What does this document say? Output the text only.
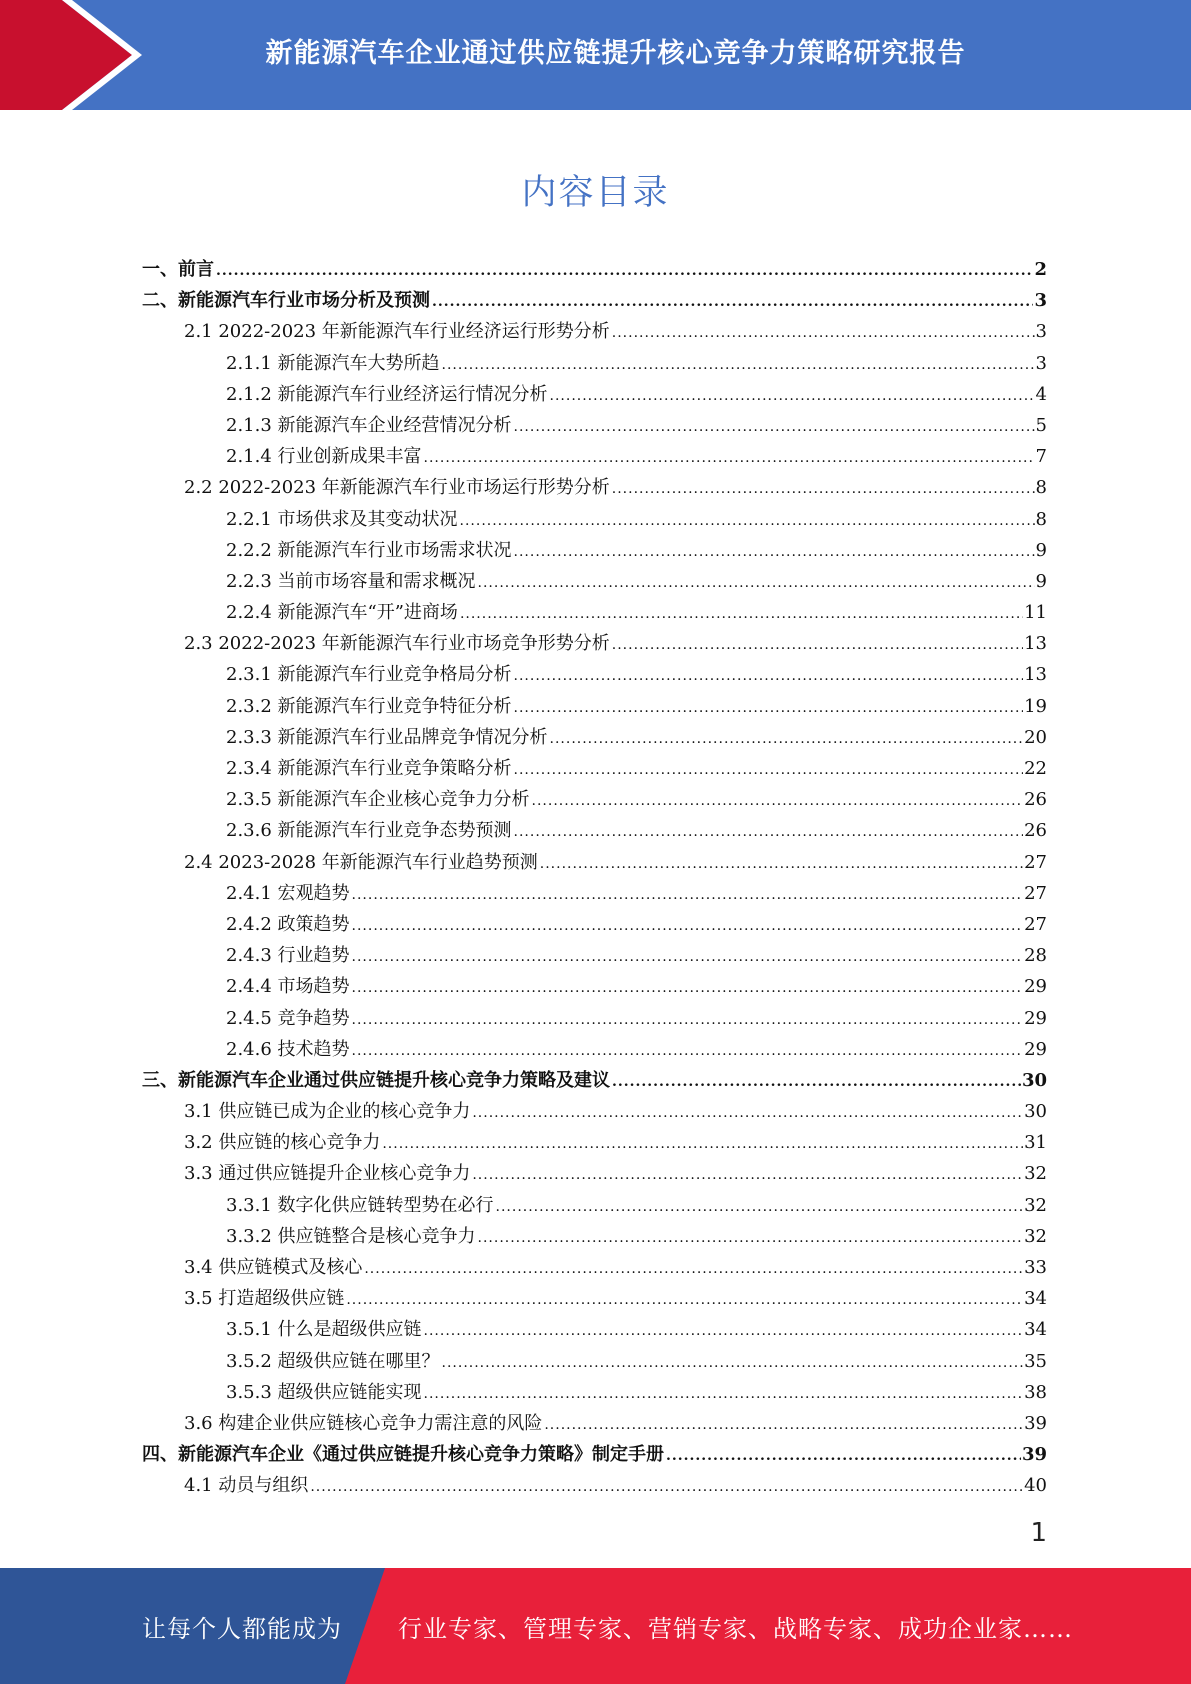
新能源汽车企业通过供应链提升核心竞争力策略研究报告
内容目录
一、前言 .....	2
二、新能源汽车行业市场分析及预测 .....	3
2.1 2022-2023 年新能源汽车行业经济运行形势分析 .....	3
2.1.1 新能源汽车大势所趋 .....	3
2.1.2 新能源汽车行业经济运行情况分析 .....	4
2.1.3 新能源汽车企业经营情况分析 .....	5
2.1.4 行业创新成果丰富 .....	7
2.2 2022-2023 年新能源汽车行业市场运行形势分析 .....	8
2.2.1 市场供求及其变动状况 .....	8
2.2.2 新能源汽车行业市场需求状况 .....	9
2.2.3 当前市场容量和需求概况 .....	9
2.2.4 新能源汽车“开”进商场 .....	11
2.3 2022-2023 年新能源汽车行业市场竞争形势分析 .....	13
2.3.1 新能源汽车行业竞争格局分析 .....	13
2.3.2 新能源汽车行业竞争特征分析 .....	19
2.3.3 新能源汽车行业品牌竞争情况分析 .....	20
2.3.4 新能源汽车行业竞争策略分析 .....	22
2.3.5 新能源汽车企业核心竞争力分析 .....	26
2.3.6 新能源汽车行业竞争态势预测 .....	26
2.4 2023-2028 年新能源汽车行业趋势预测 .....	27
2.4.1 宏观趋势 .....	27
2.4.2 政策趋势 .....	27
2.4.3 行业趋势 .....	28
2.4.4 市场趋势 .....	29
2.4.5 竞争趋势 .....	29
2.4.6 技术趋势 .....	29
三、新能源汽车企业通过供应链提升核心竞争力策略及建议 .....	30
3.1 供应链已成为企业的核心竞争力 .....	30
3.2 供应链的核心竞争力 .....	31
3.3 通过供应链提升企业核心竞争力 .....	32
3.3.1 数字化供应链转型势在必行 .....	32
3.3.2 供应链整合是核心竞争力 .....	32
3.4 供应链模式及核心 .....	33
3.5 打造超级供应链 .....	34
3.5.1 什么是超级供应链 .....	34
3.5.2 超级供应链在哪里？ .....	35
3.5.3 超级供应链能实现 .....	38
3.6 构建企业供应链核心竞争力需注意的风险 .....	39
四、新能源汽车企业《通过供应链提升核心竞争力策略》制定手册 .....	39
4.1 动员与组织 .....	40
1
让每个人都能成为 行业专家、管理专家、营销专家、战略专家、成功企业家……
